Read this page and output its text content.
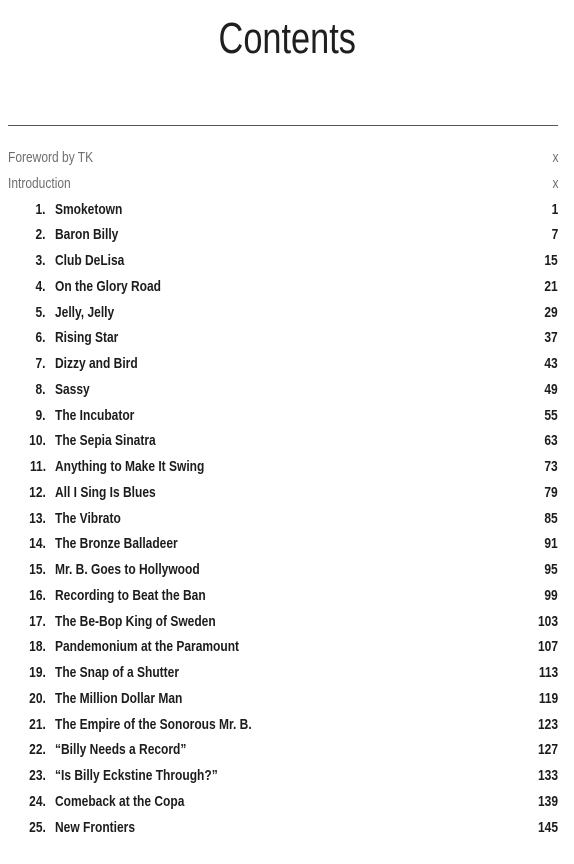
Contents
Foreword by TK	x
Introduction	x
1. Smoketown	1
2. Baron Billy	7
3. Club DeLisa	15
4. On the Glory Road	21
5. Jelly, Jelly	29
6. Rising Star	37
7. Dizzy and Bird	43
8. Sassy	49
9. The Incubator	55
10. The Sepia Sinatra	63
11. Anything to Make It Swing	73
12. All I Sing Is Blues	79
13. The Vibrato	85
14. The Bronze Balladeer	91
15. Mr. B. Goes to Hollywood	95
16. Recording to Beat the Ban	99
17. The Be-Bop King of Sweden	103
18. Pandemonium at the Paramount	107
19. The Snap of a Shutter	113
20. The Million Dollar Man	119
21. The Empire of the Sonorous Mr. B.	123
22. “Billy Needs a Record”	127
23. “Is Billy Eckstine Through?”	133
24. Comeback at the Copa	139
25. New Frontiers	145
